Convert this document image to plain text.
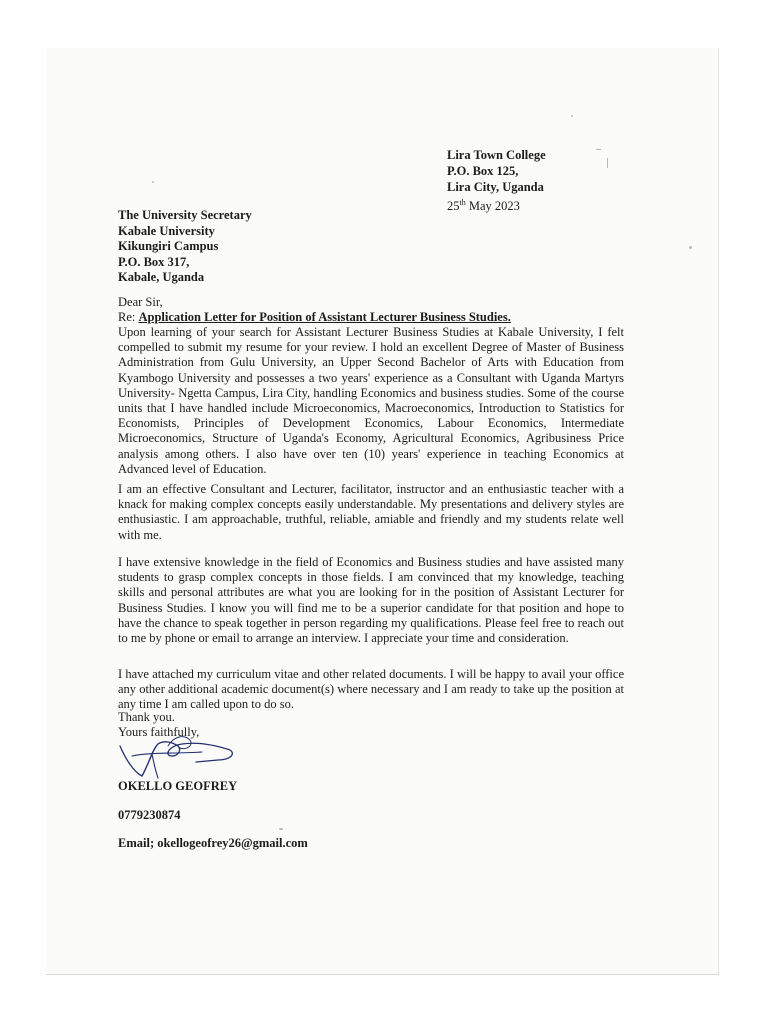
Lira Town College
P.O. Box 125,
Lira City, Uganda
25th May 2023
The University Secretary
Kabale University
Kikungiri Campus
P.O. Box 317,
Kabale, Uganda
Dear Sir,
Re: Application Letter for Position of Assistant Lecturer Business Studies.
Upon learning of your search for Assistant Lecturer Business Studies at Kabale University, I felt compelled to submit my resume for your review. I hold an excellent Degree of Master of Business Administration from Gulu University, an Upper Second Bachelor of Arts with Education from Kyambogo University and possesses a two years' experience as a Consultant with Uganda Martyrs University- Ngetta Campus, Lira City, handling Economics and business studies. Some of the course units that I have handled include Microeconomics, Macroeconomics, Introduction to Statistics for Economists, Principles of Development Economics, Labour Economics, Intermediate Microeconomics, Structure of Uganda's Economy, Agricultural Economics, Agribusiness Price analysis among others. I also have over ten (10) years' experience in teaching Economics at Advanced level of Education.
I am an effective Consultant and Lecturer, facilitator, instructor and an enthusiastic teacher with a knack for making complex concepts easily understandable. My presentations and delivery styles are enthusiastic. I am approachable, truthful, reliable, amiable and friendly and my students relate well with me.
I have extensive knowledge in the field of Economics and Business studies and have assisted many students to grasp complex concepts in those fields. I am convinced that my knowledge, teaching skills and personal attributes are what you are looking for in the position of Assistant Lecturer for Business Studies. I know you will find me to be a superior candidate for that position and hope to have the chance to speak together in person regarding my qualifications. Please feel free to reach out to me by phone or email to arrange an interview. I appreciate your time and consideration.
I have attached my curriculum vitae and other related documents. I will be happy to avail your office any other additional academic document(s) where necessary and I am ready to take up the position at any time I am called upon to do so.
Thank you.
Yours faithfully,
OKELLO GEOFREY
0779230874
Email; okellogeofrey26@gmail.com
